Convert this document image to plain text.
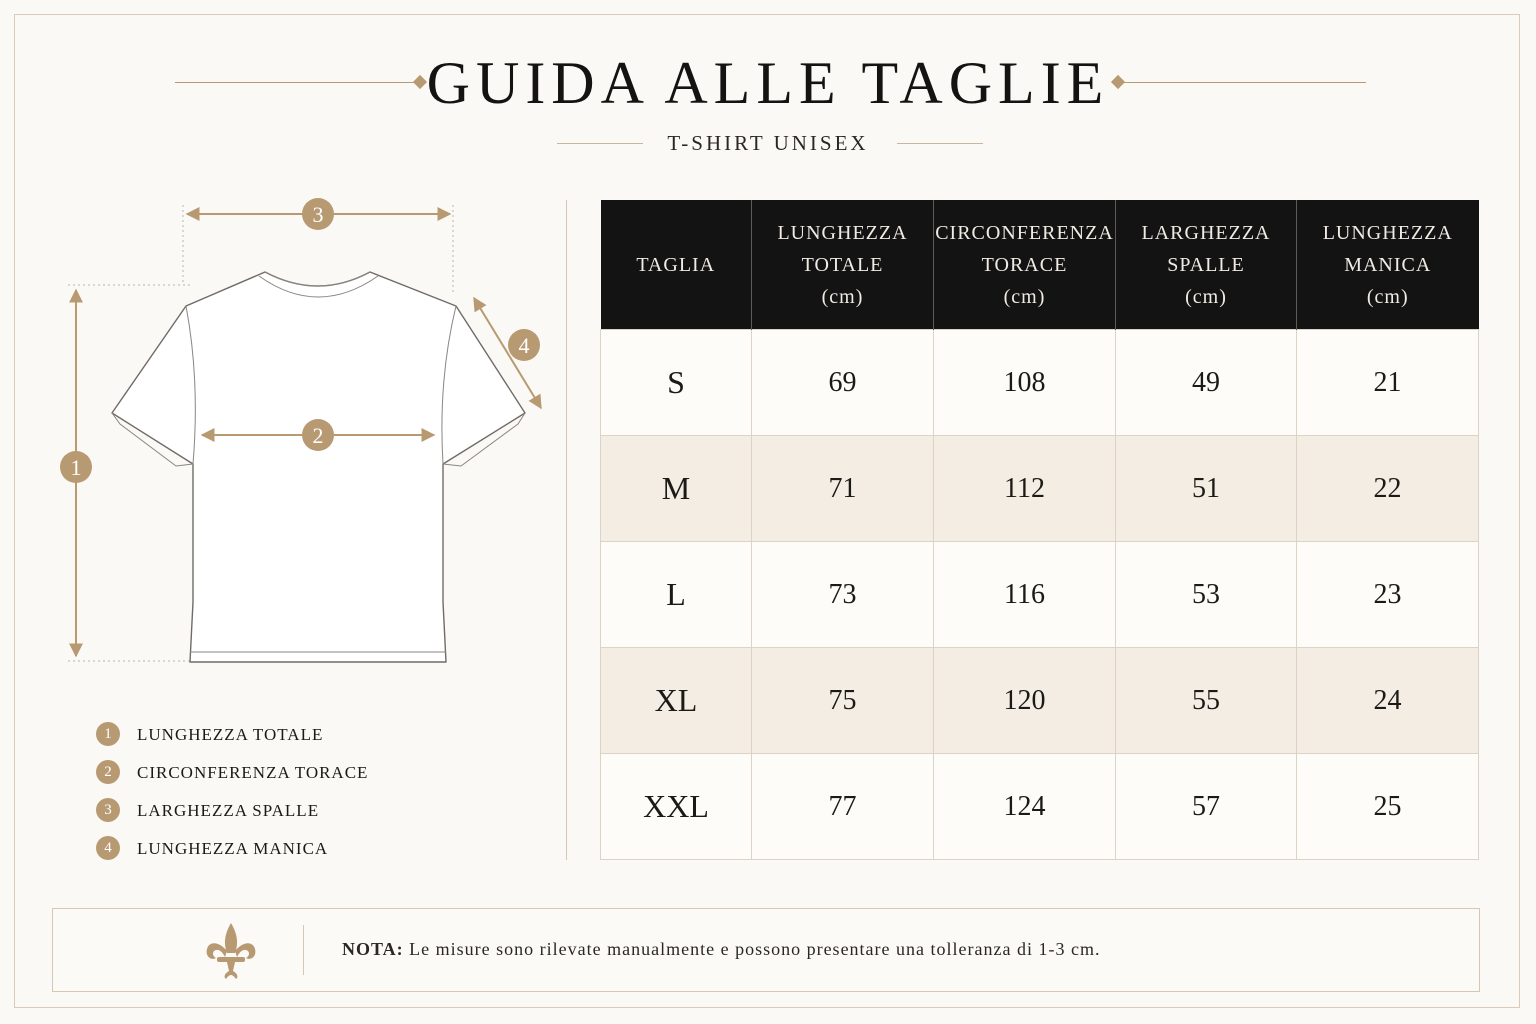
GUIDA ALLE TAGLIE
T-SHIRT UNISEX
3
1
2
4
1	LUNGHEZZA TOTALE
2	CIRCONFERENZA TORACE
3	LARGHEZZA SPALLE
4	LUNGHEZZA MANICA
TAGLIA	LUNGHEZZA
TOTALE
(cm)	CIRCONFERENZA
TORACE
(cm)	LARGHEZZA
SPALLE
(cm)	LUNGHEZZA
MANICA
(cm)

S	69	108	49	21
M	71	112	51	22
L	73	116	53	23
XL	75	120	55	24
XXL	77	124	57	25
NOTA: Le misure sono rilevate manualmente e possono presentare una tolleranza di 1-3 cm.
